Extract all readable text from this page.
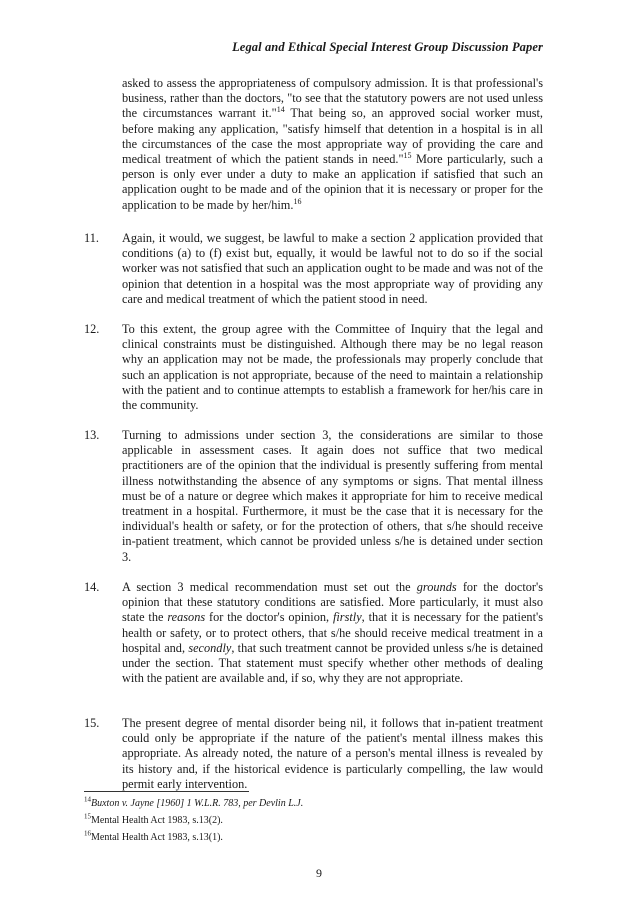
Legal and Ethical Special Interest Group Discussion Paper
asked to assess the appropriateness of compulsory admission. It is that professional's business, rather than the doctors, "to see that the statutory powers are not used unless the circumstances warrant it."$^{14}$ That being so, an approved social worker must, before making any application, "satisfy himself that detention in a hospital is in all the circumstances of the case the most appropriate way of providing the care and medical treatment of which the patient stands in need."$^{15}$ More particularly, such a person is only ever under a duty to make an application if satisfied that such an application ought to be made and of the opinion that it is necessary or proper for the application to be made by her/him.$^{16}$
11. Again, it would, we suggest, be lawful to make a section 2 application provided that conditions (a) to (f) exist but, equally, it would be lawful not to do so if the social worker was not satisfied that such an application ought to be made and was not of the opinion that detention in a hospital was the most appropriate way of providing any care and medical treatment of which the patient stood in need.
12. To this extent, the group agree with the Committee of Inquiry that the legal and clinical constraints must be distinguished. Although there may be no legal reason why an application may not be made, the professionals may properly conclude that such an application is not appropriate, because of the need to maintain a relationship with the patient and to continue attempts to establish a framework for her/his care in the community.
13. Turning to admissions under section 3, the considerations are similar to those applicable in assessment cases. It again does not suffice that two medical practitioners are of the opinion that the individual is presently suffering from mental illness notwithstanding the absence of any symptoms or signs. That mental illness must be of a nature or degree which makes it appropriate for him to receive medical treatment in a hospital. Furthermore, it must be the case that it is necessary for the individual's health or safety, or for the protection of others, that s/he should receive in-patient treatment, which cannot be provided unless s/he is detained under section 3.
14. A section 3 medical recommendation must set out the grounds for the doctor's opinion that these statutory conditions are satisfied. More particularly, it must also state the reasons for the doctor's opinion, firstly, that it is necessary for the patient's health or safety, or to protect others, that s/he should receive medical treatment in a hospital and, secondly, that such treatment cannot be provided unless s/he is detained under the section. That statement must specify whether other methods of dealing with the patient are available and, if so, why they are not appropriate.
15. The present degree of mental disorder being nil, it follows that in-patient treatment could only be appropriate if the nature of the patient's mental illness makes this appropriate. As already noted, the nature of a person's mental illness is revealed by its history and, if the historical evidence is particularly compelling, the law would permit early intervention.
$^{14}$Buxton v. Jayne [1960] 1 W.L.R. 783, per Devlin L.J.
$^{15}$Mental Health Act 1983, s.13(2).
$^{16}$Mental Health Act 1983, s.13(1).
9
